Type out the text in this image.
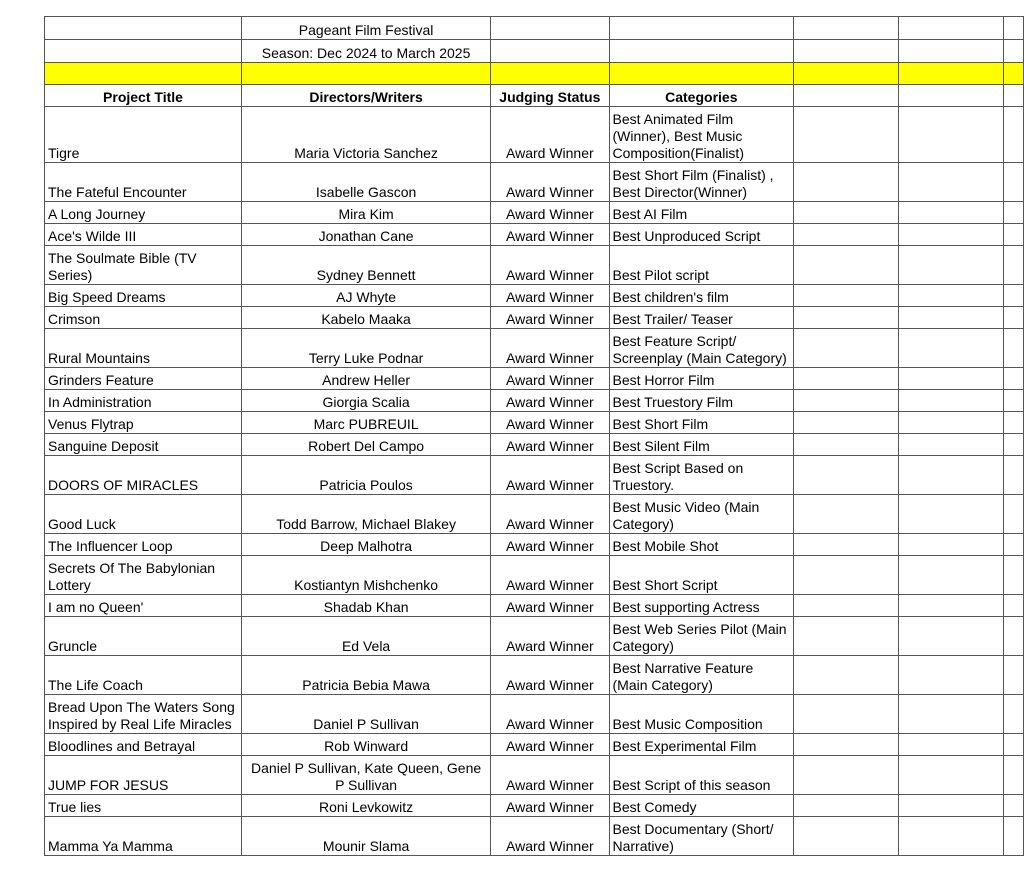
	Pageant Film Festival					
	Season: Dec 2024 to March 2025					

Project Title	Directors/Writers	Judging Status	Categories			
Tigre	Maria Victoria Sanchez	Award Winner	Best Animated Film (Winner), Best Music Composition(Finalist)			
The Fateful Encounter	Isabelle Gascon	Award Winner	Best Short Film (Finalist) , Best Director(Winner)			
A Long Journey	Mira Kim	Award Winner	Best AI Film			
Ace's Wilde III	Jonathan Cane	Award Winner	Best Unproduced Script			
The Soulmate Bible (TV Series)	Sydney Bennett	Award Winner	Best Pilot script			
Big Speed Dreams	AJ Whyte	Award Winner	Best children's film			
Crimson	Kabelo Maaka	Award Winner	Best Trailer/ Teaser			
Rural Mountains	Terry Luke Podnar	Award Winner	Best Feature Script/ Screenplay (Main Category)			
Grinders Feature	Andrew Heller	Award Winner	Best Horror Film			
In Administration	Giorgia Scalia	Award Winner	Best Truestory Film			
Venus Flytrap	Marc PUBREUIL	Award Winner	Best Short Film			
Sanguine Deposit	Robert Del Campo	Award Winner	Best Silent Film			
DOORS OF MIRACLES	Patricia Poulos	Award Winner	Best Script Based on Truestory.			
Good Luck	Todd Barrow, Michael Blakey	Award Winner	Best Music Video (Main Category)			
The Influencer Loop	Deep Malhotra	Award Winner	Best Mobile Shot			
Secrets Of The Babylonian Lottery	Kostiantyn Mishchenko	Award Winner	Best Short Script			
I am no Queen'	Shadab Khan	Award Winner	Best supporting Actress			
Gruncle	Ed Vela	Award Winner	Best Web Series Pilot (Main Category)			
The Life Coach	Patricia Bebia Mawa	Award Winner	Best Narrative Feature (Main Category)			
Bread Upon The Waters Song Inspired by Real Life Miracles	Daniel P Sullivan	Award Winner	Best Music Composition			
Bloodlines and Betrayal	Rob Winward	Award Winner	Best Experimental Film			
JUMP FOR JESUS	Daniel P Sullivan, Kate Queen, Gene P Sullivan	Award Winner	Best Script of this season			
True lies	Roni Levkowitz	Award Winner	Best Comedy			
Mamma Ya Mamma	Mounir Slama	Award Winner	Best Documentary (Short/ Narrative)			
